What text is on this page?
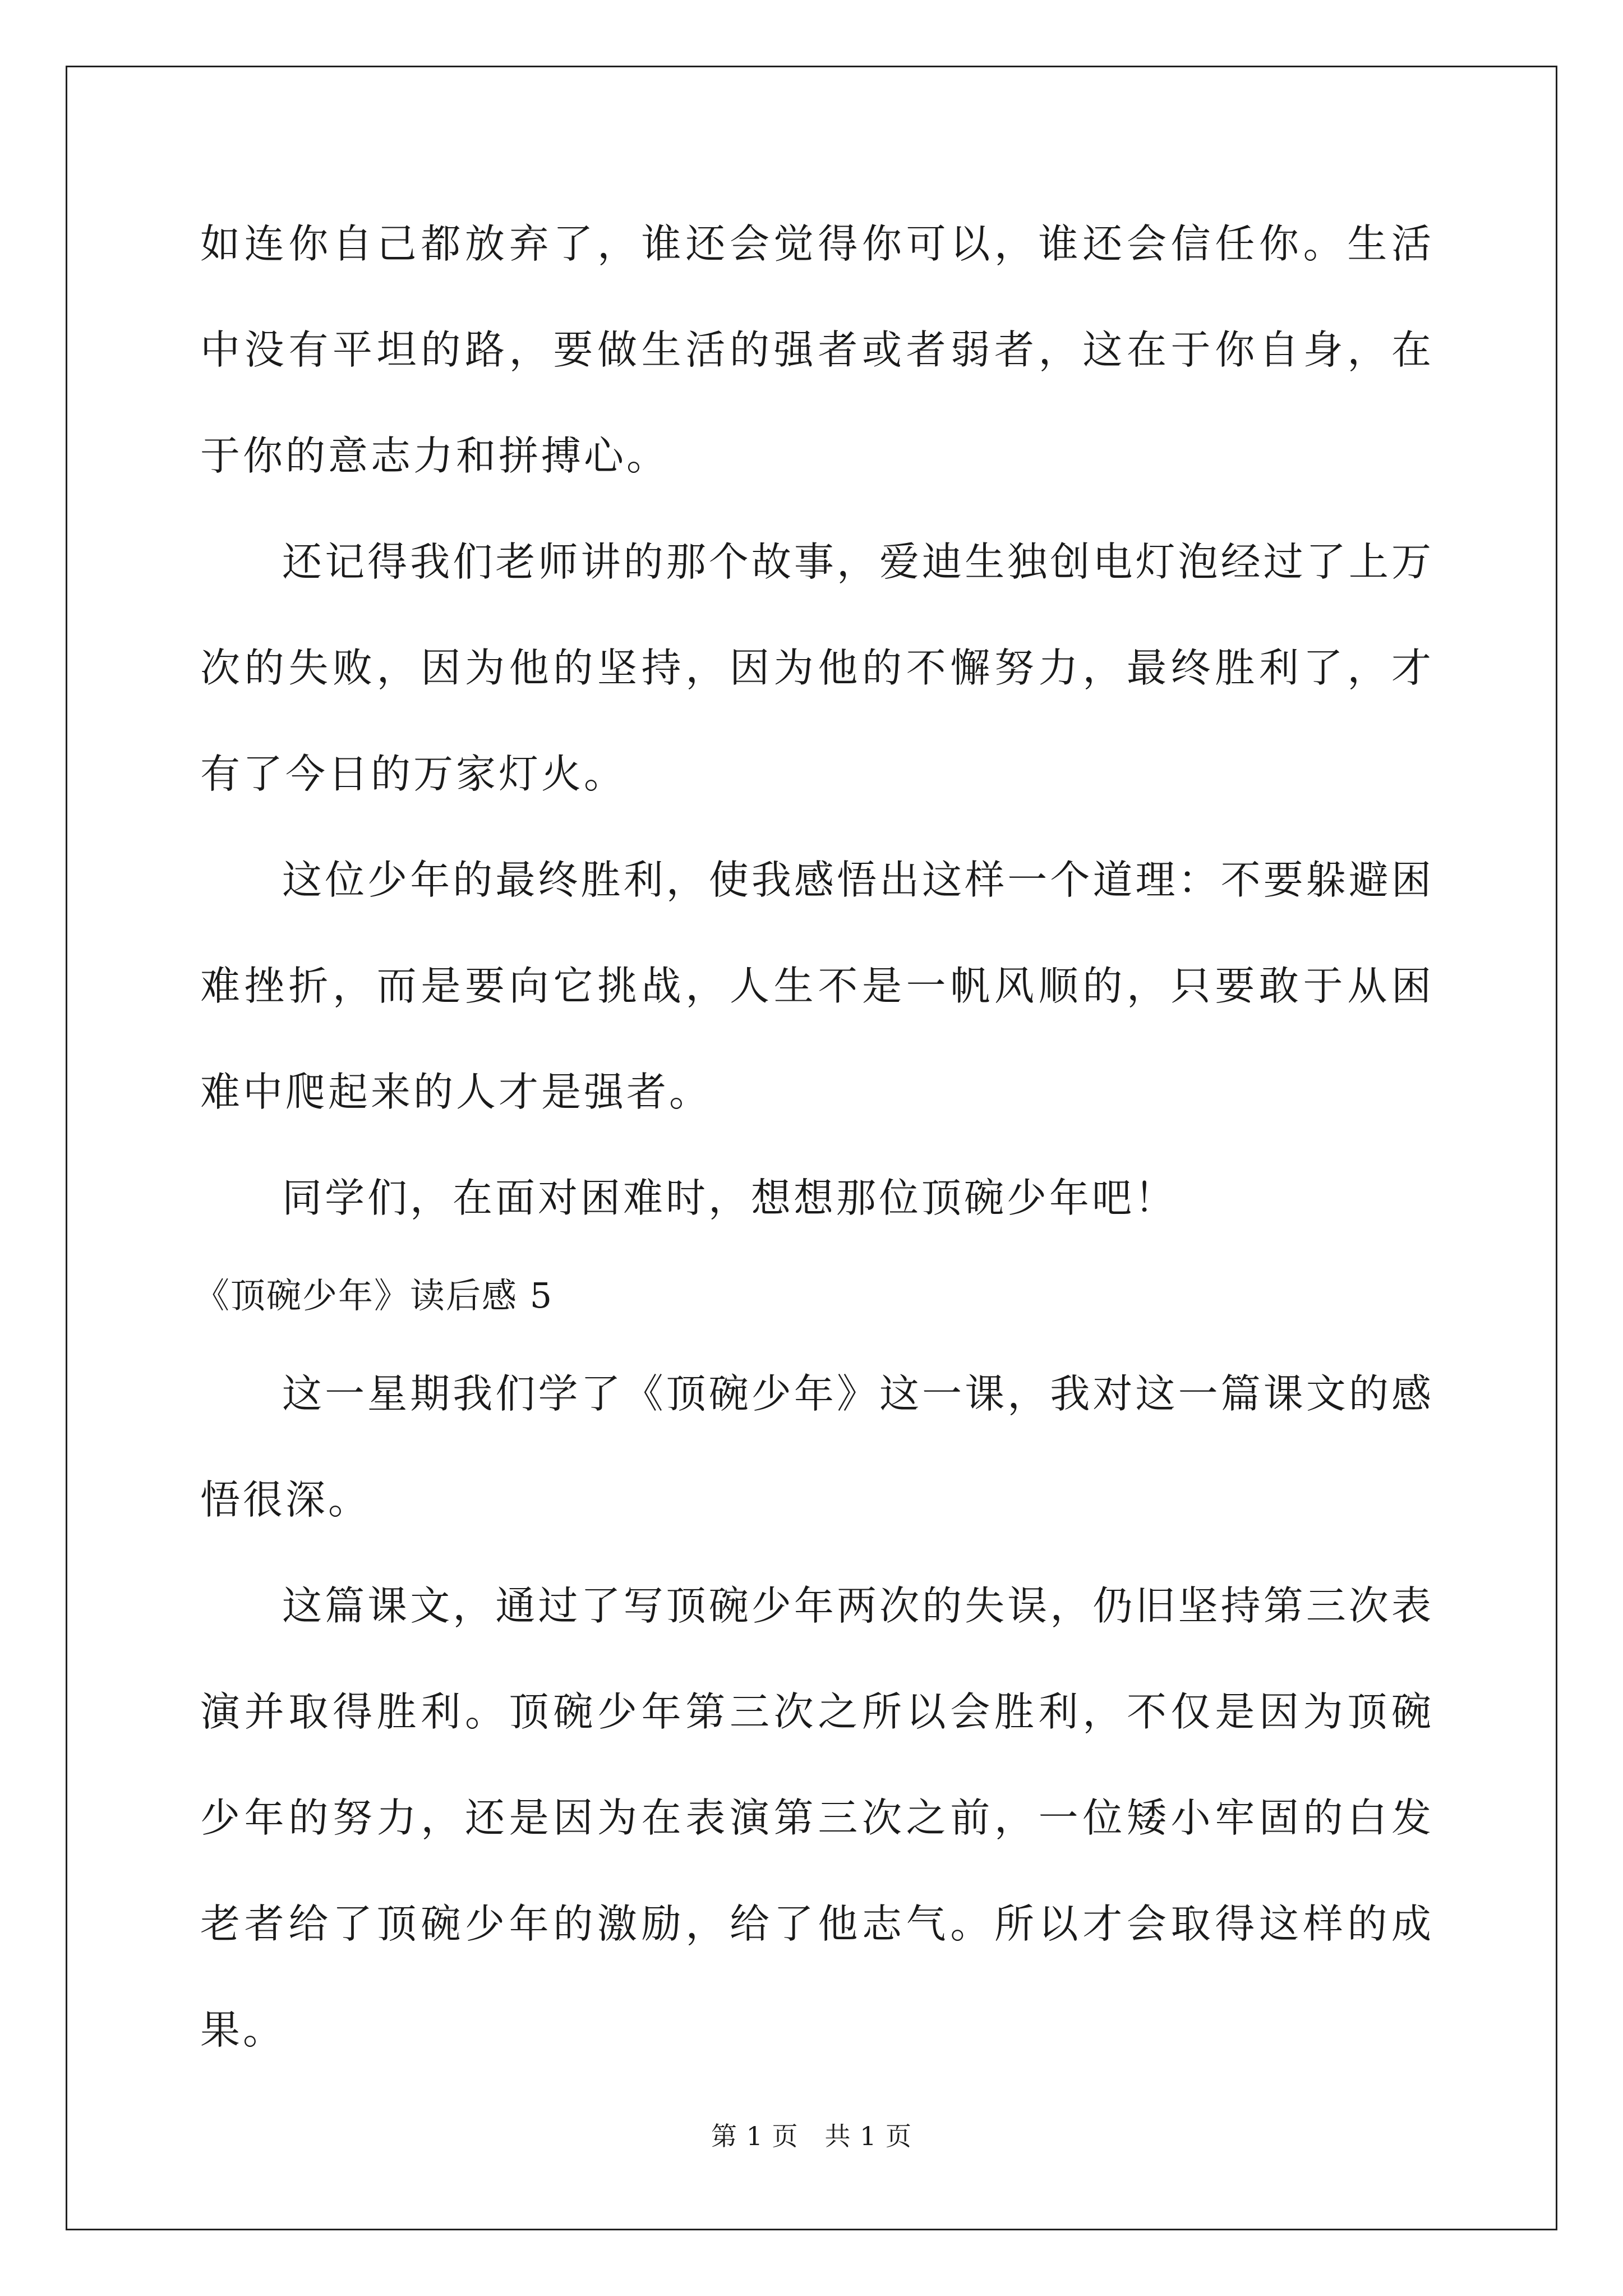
如连你自己都放弃了，谁还会觉得你可以，谁还会信任你。生活中没有平坦的路，要做生活的强者或者弱者，这在于你自身，在于你的意志力和拼搏心。

还记得我们老师讲的那个故事，爱迪生独创电灯泡经过了上万次的失败，因为他的坚持，因为他的不懈努力，最终胜利了，才有了今日的万家灯火。

这位少年的最终胜利，使我感悟出这样一个道理：不要躲避困难挫折，而是要向它挑战，人生不是一帆风顺的，只要敢于从困难中爬起来的人才是强者。

同学们，在面对困难时，想想那位顶碗少年吧！

《顶碗少年》读后感 5

这一星期我们学了《顶碗少年》这一课，我对这一篇课文的感悟很深。

这篇课文，通过了写顶碗少年两次的失误，仍旧坚持第三次表演并取得胜利。顶碗少年第三次之所以会胜利，不仅是因为顶碗少年的努力，还是因为在表演第三次之前，一位矮小牢固的白发老者给了顶碗少年的激励，给了他志气。所以才会取得这样的成果。

第 1 页　共 1 页
